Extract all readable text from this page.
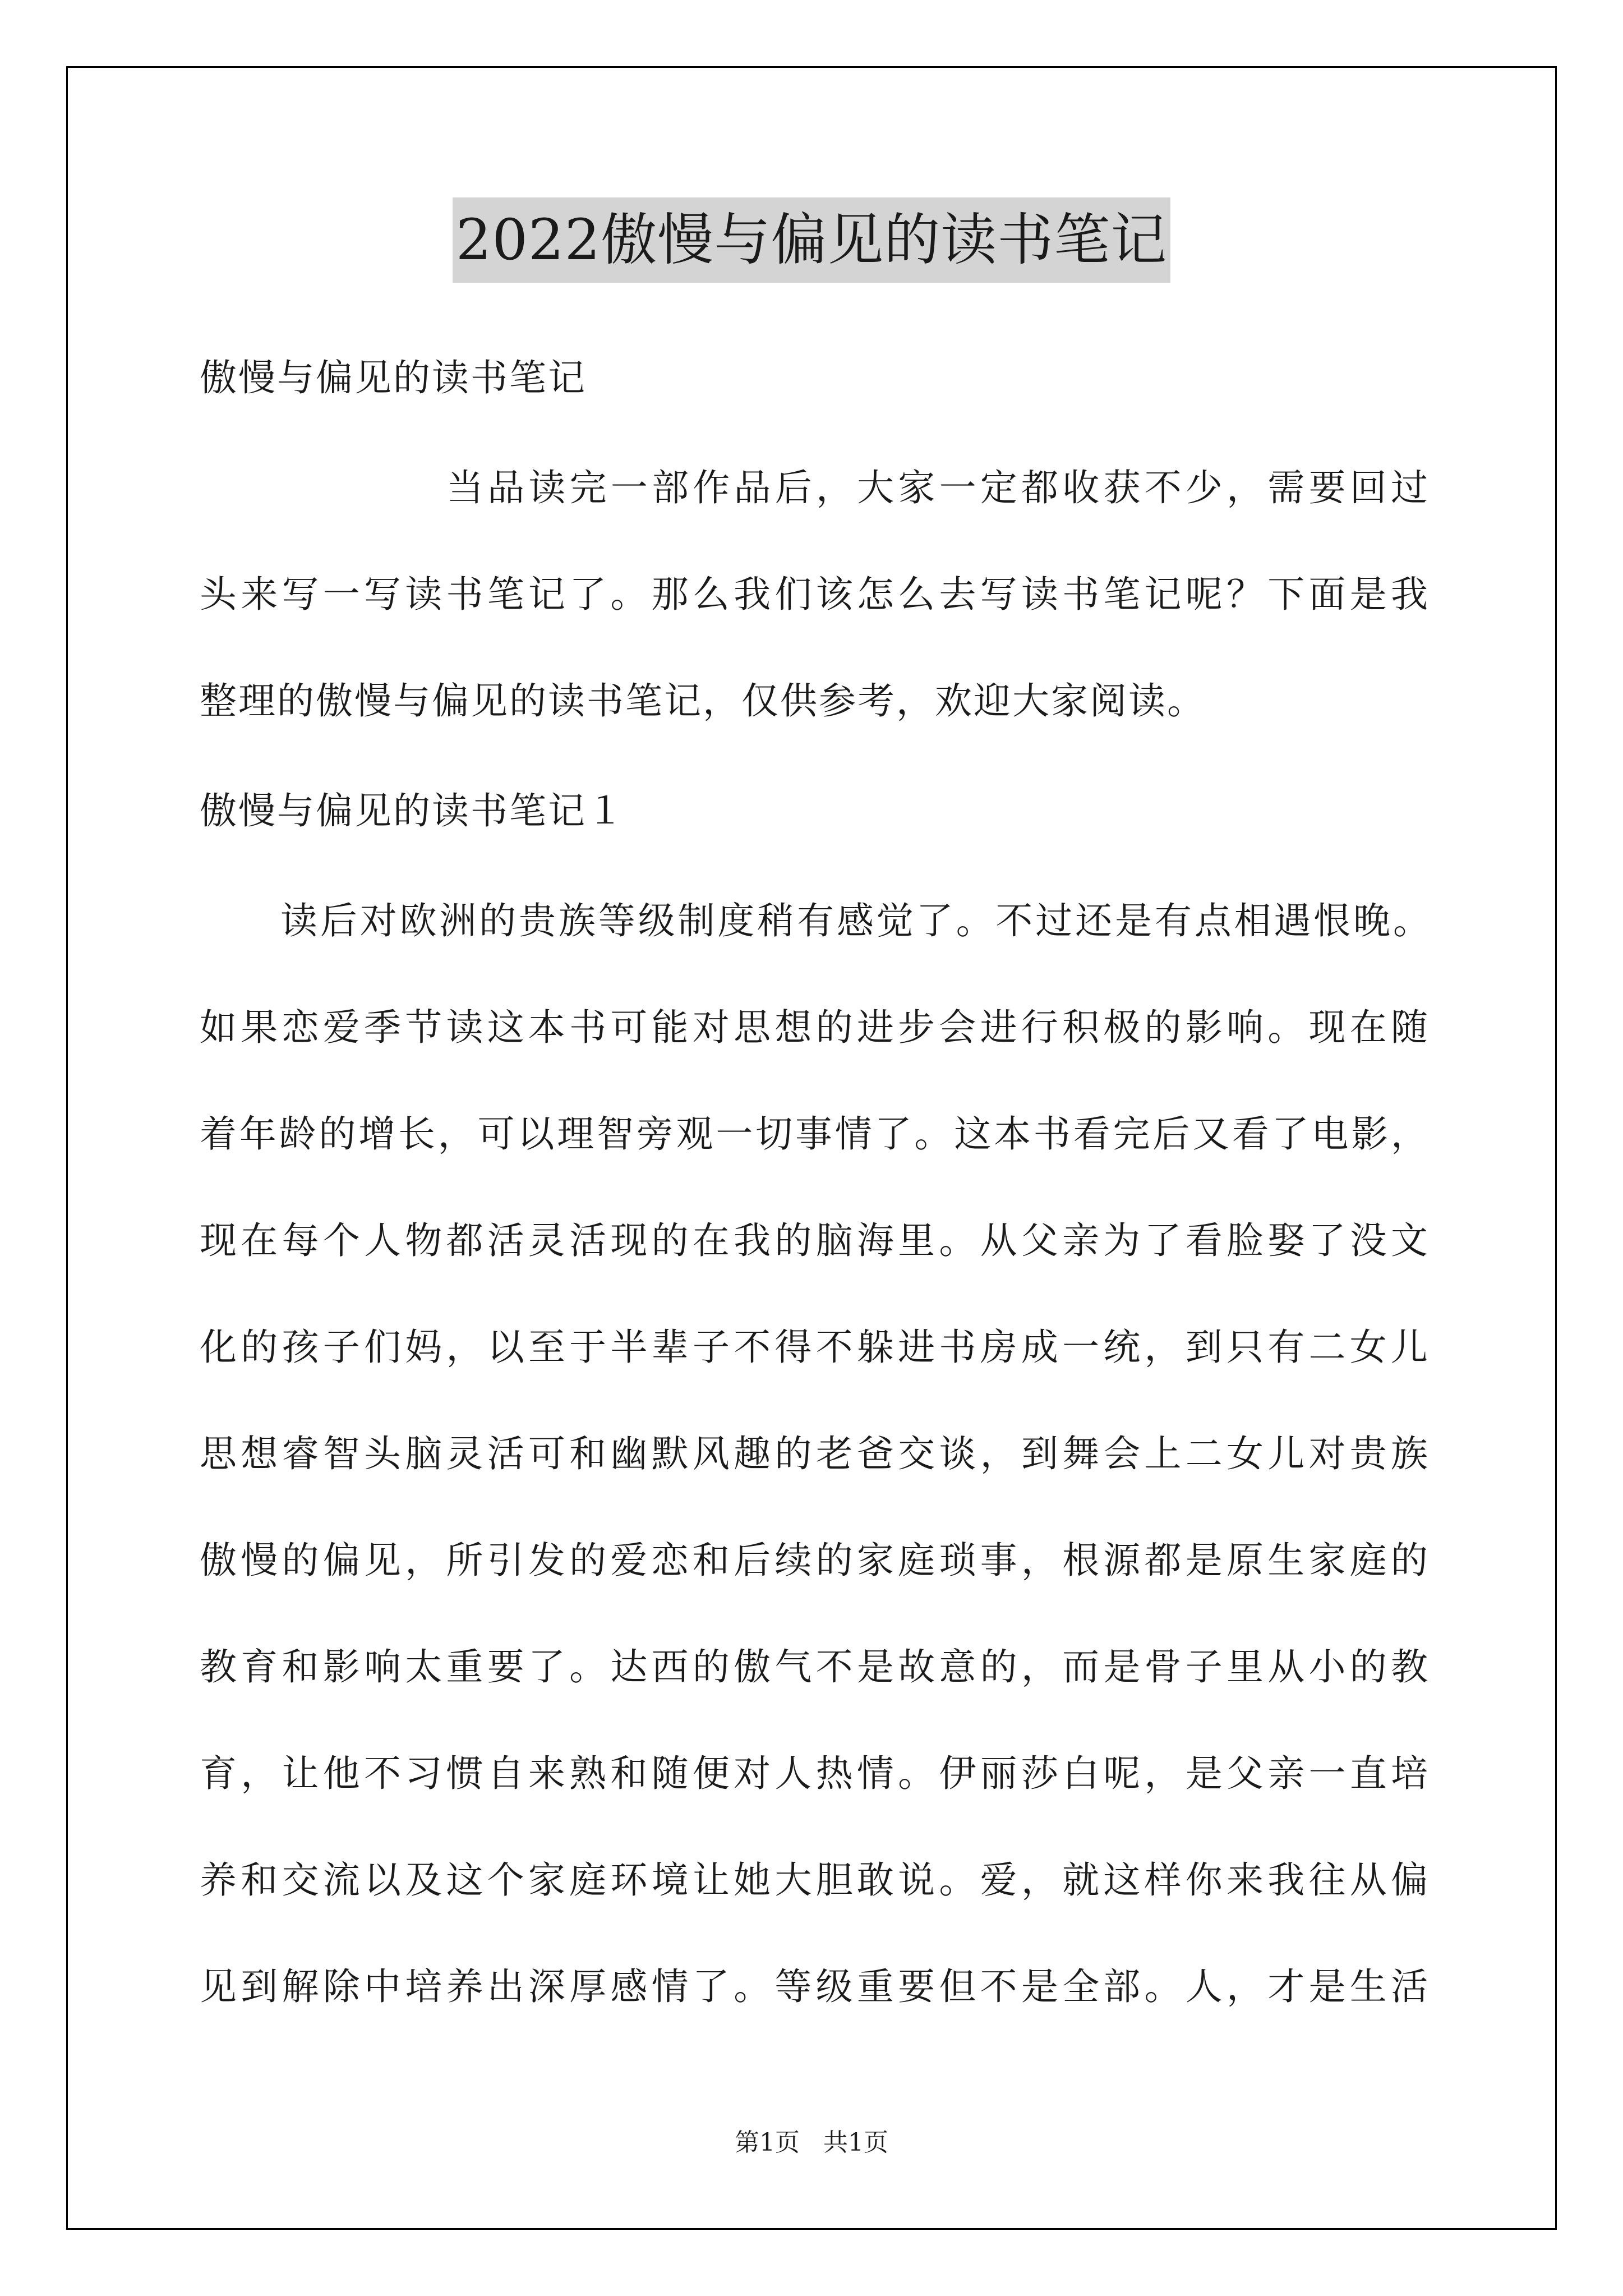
2022傲慢与偏见的读书笔记
傲慢与偏见的读书笔记
当品读完一部作品后，大家一定都收获不少，需要回过
头来写一写读书笔记了。那么我们该怎么去写读书笔记呢？下面是我
整理的傲慢与偏见的读书笔记，仅供参考，欢迎大家阅读。
傲慢与偏见的读书笔记１
读后对欧洲的贵族等级制度稍有感觉了。不过还是有点相遇恨晚。
如果恋爱季节读这本书可能对思想的进步会进行积极的影响。现在随
着年龄的增长，可以理智旁观一切事情了。这本书看完后又看了电影，
现在每个人物都活灵活现的在我的脑海里。从父亲为了看脸娶了没文
化的孩子们妈，以至于半辈子不得不躲进书房成一统，到只有二女儿
思想睿智头脑灵活可和幽默风趣的老爸交谈，到舞会上二女儿对贵族
傲慢的偏见，所引发的爱恋和后续的家庭琐事，根源都是原生家庭的
教育和影响太重要了。达西的傲气不是故意的，而是骨子里从小的教
育，让他不习惯自来熟和随便对人热情。伊丽莎白呢，是父亲一直培
养和交流以及这个家庭环境让她大胆敢说。爱，就这样你来我往从偏
见到解除中培养出深厚感情了。等级重要但不是全部。人，才是生活
第1页 共1页
